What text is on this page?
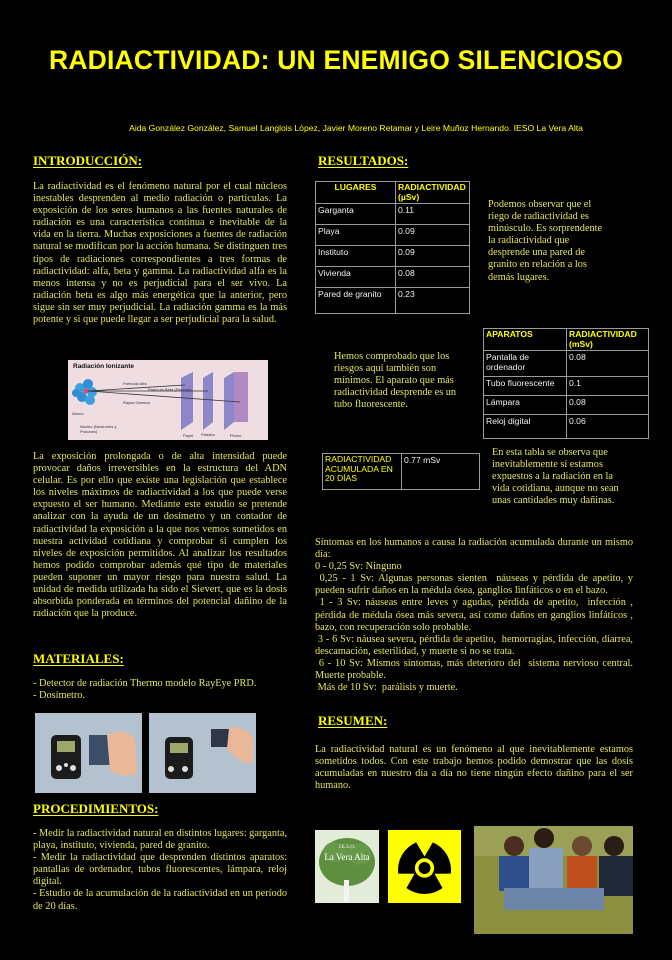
RADIACTIVIDAD: UN ENEMIGO SILENCIOSO
Aida González González, Samuel Langlois López, Javier Moreno Retamar y Leire Muñoz Hernando. IESO La Vera Alta
INTRODUCCIÓN:
La radiactividad es el fenómeno natural por el cual núcleos inestables desprenden al medio radiación o partículas. La exposición de los seres humanos a las fuentes naturales de radiación es una característica continua e inevitable de la vida en la tierra. Muchas exposiciones a fuentes de radiación natural se modifican por la acción humana. Se distinguen tres tipos de radiaciones correspondientes a tres formas de radiactividad: alfa, beta y gamma. La radiactividad alfa es la menos intensa y no es perjudicial para el ser vivo. La radiación beta es algo más energética que la anterior, pero sigue sin ser muy perjudicial. La radiación gamma es la más potente y si que puede llegar a ser perjudicial para la salud.
Radiación Ionizante
Partícula Alfa
Partícula Beta (Electrón)
Rayos Gamma
Átomo
Núcleo (Neutrones y Protones)
Papel Plástico	Plomo
La exposición prolongada o de alta intensidad puede provocar daños irreversibles en la estructura del ADN celular. Es por ello que existe una legislación que establece los niveles máximos de radiactividad a los que puede verse expuesto el ser humano. Mediante este estudio se pretende analizar con la ayuda de un dosímetro y un contador de radiactividad la exposición a la que nos vemos sometidos en nuestra actividad cotidiana y comprobar si cumplen los niveles de exposición permitidos. Al analizar los resultados hemos podido comprobar además qué tipo de materiales pueden suponer un mayor riesgo para nuestra salud. La unidad de medida utilizada ha sido el Sievert, que es la dosis absorbida ponderada en términos del potencial dañino de la radiación que la produce.
MATERIALES:

- Detector de radiación Thermo modelo RayEye PRD.

- Dosímetro.

PROCEDIMIENTOS:

- Medir la radiactividad natural en distintos lugares: garganta, playa, instituto, vivienda, pared de granito.

- Medir la radiactividad que desprenden distintos aparatos: pantallas de ordenador, tubos fluorescentes, lámpara, reloj digital.

- Estudio de la acumulación de la radiactividad en un período de 20 días.

RESULTADOS:
LUGARES	RADIACTIVIDAD (µSv)
Garganta	0.11
Playa	0.09
Instituto	0.09
Vivienda	0.08
Pared de granito	0.23
Podemos observar que el riego de radiactividad es minúsculo. Es sorprendente la radiactividad que desprende una pared de granito en relación a los demás lugares.
Hemos comprobado que los riesgos aquí también son mínimos. El aparato que más radiactividad desprende es un tubo fluorescente.
APARATOS	RADIACTIVIDAD (mSv)
Pantalla de ordenador	0.08
Tubo fluorescente	0.1
Lámpara	0.08
Reloj digital	0.06
RADIACTIVIDAD ACUMULADA EN 20 DÍAS	0.77 mSv
En esta tabla se observa que inevitablemente sí estamos expuestos a la radiación en la vida cotidiana, aunque no sean unas cantidades muy dañinas.

Síntomas en los humanos a causa la radiación acumulada durante un mismo día:

0 - 0,25 Sv: Ninguno

0,25 - 1 Sv: Algunas personas sienten  náuseas y pérdida de apetito, y pueden sufrir daños en la médula ósea, ganglios linfáticos o en el bazo.

1 - 3 Sv: náuseas entre leves y agudas, pérdida de apetito,  infección , pérdida de médula ósea más severa, así como daños en ganglios linfáticos , bazo, con recuperación solo probable.

3 - 6 Sv: náusea severa, pérdida de apetito,  hemorragias, infección, diarrea, descamación, esterilidad, y muerte si no se trata.

6 - 10 Sv: Mismos síntomas, más deterioro del  sistema nervioso central. Muerte probable.

Más de 10 Sv:  parálisis y muerte.

RESUMEN:
La radiactividad natural es un fenómeno al que inevitablemente estamos sometidos todos. Con este trabajo hemos podido demostrar que las dosis acumuladas en nuestro día a día no tiene ningún efecto dañino para el ser humano.
I.E.S.O.
La Vera Alta
